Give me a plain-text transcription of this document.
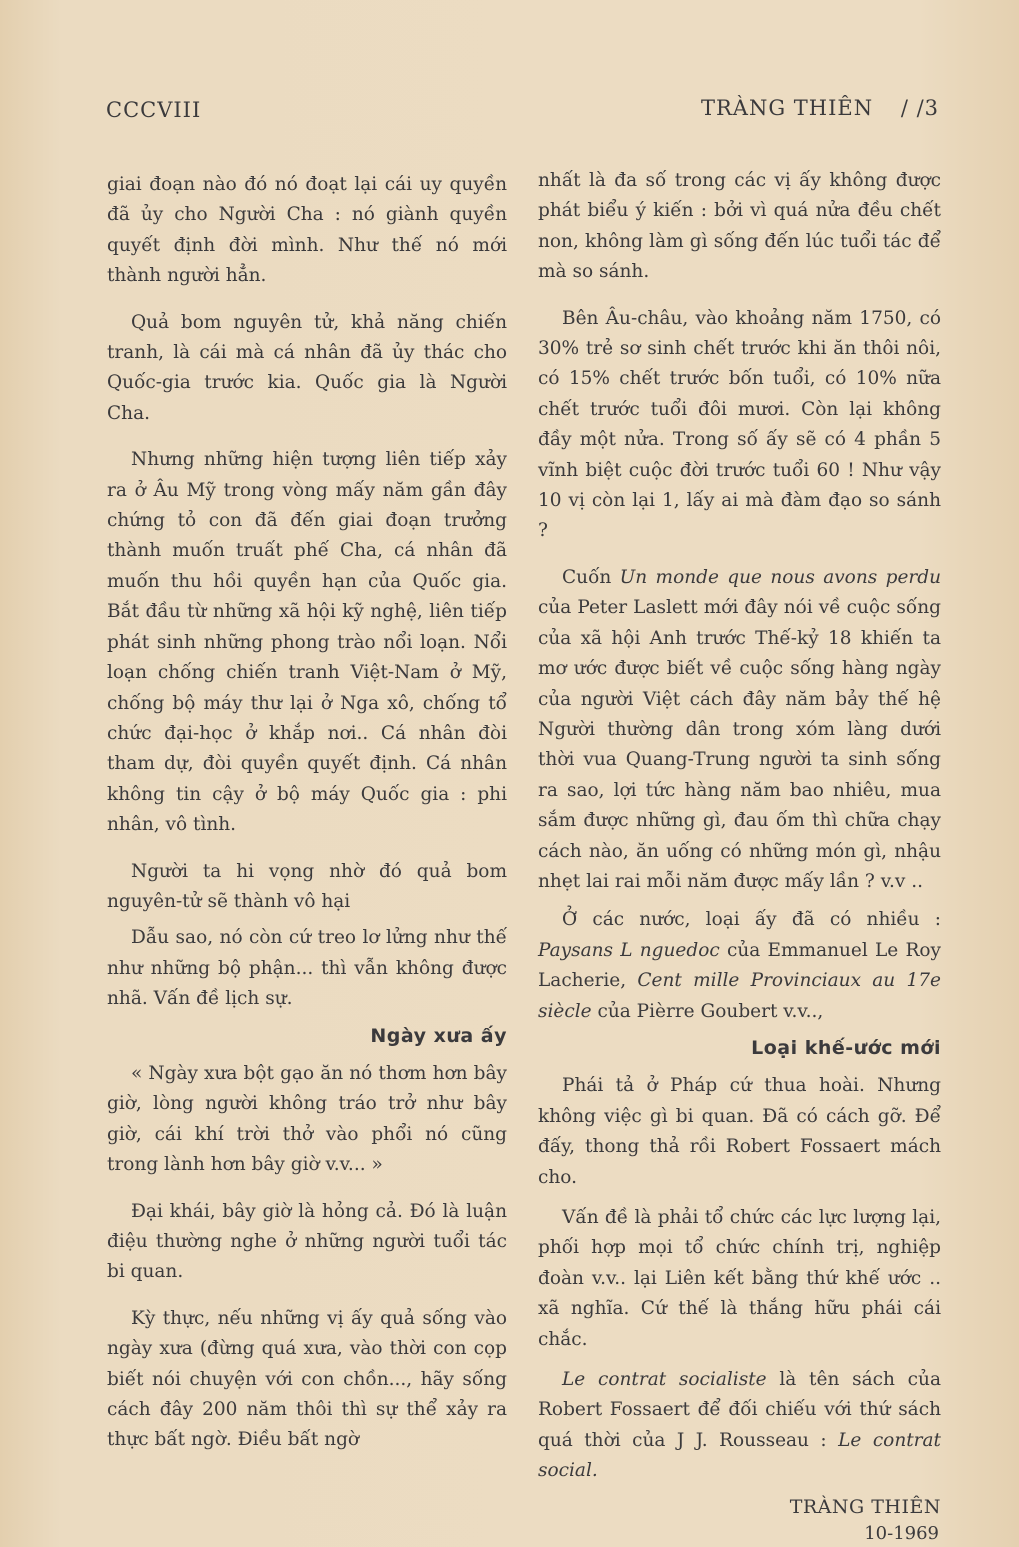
CCCVIII	TRÀNG THIÊN / /3

giai đoạn nào đó nó đoạt lại cái uy quyền đã ủy cho Người Cha : nó giành quyền quyết định đời mình. Như thế nó mới thành người hẳn.

Quả bom nguyên tử, khả năng chiến tranh, là cái mà cá nhân đã ủy thác cho Quốc-gia trước kia. Quốc gia là Người Cha.

Nhưng những hiện tượng liên tiếp xảy ra ở Âu Mỹ trong vòng mấy năm gần đây chứng tỏ con đã đến giai đoạn trưởng thành muốn truất phế Cha, cá nhân đã muốn thu hồi quyền hạn của Quốc gia. Bắt đầu từ những xã hội kỹ nghệ, liên tiếp phát sinh những phong trào nổi loạn. Nổi loạn chống chiến tranh Việt-Nam ở Mỹ, chống bộ máy thư lại ở Nga xô, chống tổ chức đại-học ở khắp nơi.. Cá nhân đòi tham dự, đòi quyền quyết định. Cá nhân không tin cậy ở bộ máy Quốc gia : phi nhân, vô tình.

Người ta hi vọng nhờ đó quả bom nguyên-tử sẽ thành vô hại

Dẫu sao, nó còn cứ treo lơ lửng như thế như những bộ phận... thì vẫn không được nhã. Vấn đề lịch sự.

Ngày xưa ấy

« Ngày xưa bột gạo ăn nó thơm hơn bây giờ, lòng người không tráo trở như bây giờ, cái khí trời thở vào phổi nó cũng trong lành hơn bây giờ v.v... »

Đại khái, bây giờ là hỏng cả. Đó là luận điệu thường nghe ở những người tuổi tác bi quan.

Kỳ thực, nếu những vị ấy quả sống vào ngày xưa (đừng quá xưa, vào thời con cọp biết nói chuyện với con chồn..., hãy sống cách đây 200 năm thôi thì sự thể xảy ra thực bất ngờ. Điều bất ngờ

nhất là đa số trong các vị ấy không được phát biểu ý kiến : bởi vì quá nửa đều chết non, không làm gì sống đến lúc tuổi tác để mà so sánh.

Bên Âu-châu, vào khoảng năm 1750, có 30% trẻ sơ sinh chết trước khi ăn thôi nôi, có 15% chết trước bốn tuổi, có 10% nữa chết trước tuổi đôi mươi. Còn lại không đầy một nửa. Trong số ấy sẽ có 4 phần 5 vĩnh biệt cuộc đời trước tuổi 60 ! Như vậy 10 vị còn lại 1, lấy ai mà đàm đạo so sánh ?

Cuốn Un monde que nous avons perdu của Peter Laslett mới đây nói về cuộc sống của xã hội Anh trước Thế-kỷ 18 khiến ta mơ ước được biết về cuộc sống hàng ngày của người Việt cách đây năm bảy thế hệ Người thường dân trong xóm làng dưới thời vua Quang-Trung người ta sinh sống ra sao, lợi tức hàng năm bao nhiêu, mua sắm được những gì, đau ốm thì chữa chạy cách nào, ăn uống có những món gì, nhậu nhẹt lai rai mỗi năm được mấy lần ? v.v ..

Ở các nước, loại ấy đã có nhiều : Paysans L nguedoc của Emmanuel Le Roy Lacherie, Cent mille Provinciaux au 17e siècle của Pièrre Goubert v.v..,

Loại khế-ước mới

Phái tả ở Pháp cứ thua hoài. Nhưng không việc gì bi quan. Đã có cách gỡ. Để đấy, thong thả rồi Robert Fossaert mách cho.

Vấn đề là phải tổ chức các lực lượng lại, phối hợp mọi tổ chức chính trị, nghiệp đoàn v.v.. lại Liên kết bằng thứ khế ước .. xã nghĩa. Cứ thế là thắng hữu phái cái chắc.

Le contrat socialiste là tên sách của Robert Fossaert để đối chiếu với thứ sách quá thời của J J. Rousseau : Le contrat social.

TRÀNG THIÊN
10-1969
